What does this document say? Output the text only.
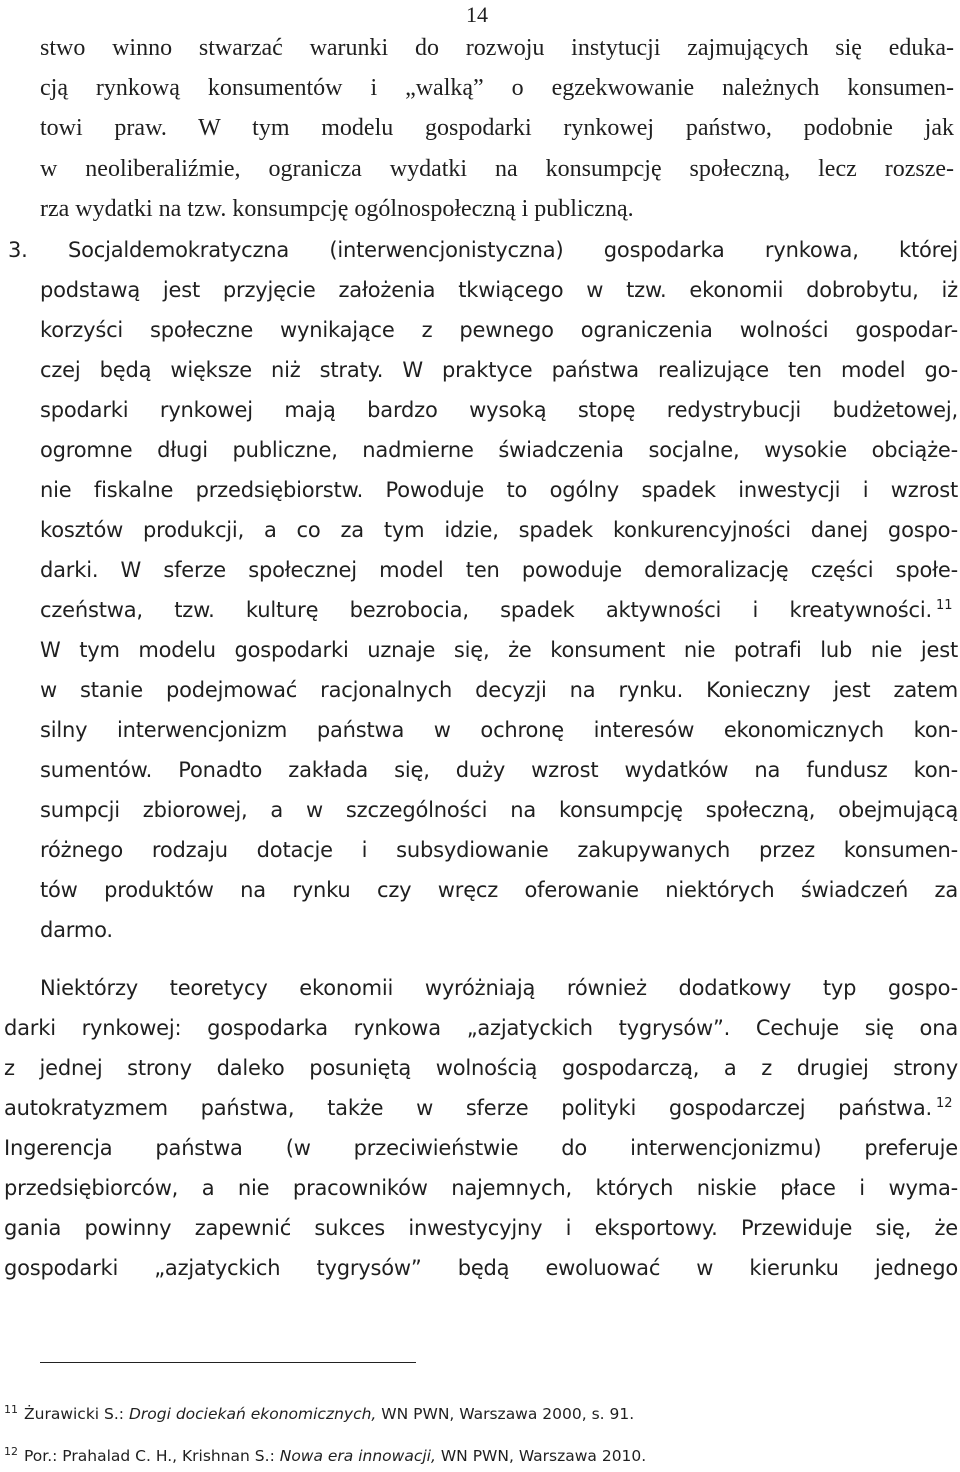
14
stwo winno stwarzać warunki do rozwoju instytucji zajmujących się eduka-
cją rynkową konsumentów i „walką” o egzekwowanie należnych konsumen-
towi praw. W tym modelu gospodarki rynkowej państwo, podobnie jak
w neoliberaliźmie, ogranicza wydatki na konsumpcję społeczną, lecz rozsze-
rza wydatki na tzw. konsumpcję ogólnospołeczną i publiczną.
3. Socjaldemokratyczna (interwencjonistyczna) gospodarka rynkowa, której
podstawą jest przyjęcie założenia tkwiącego w tzw. ekonomii dobrobytu, iż
korzyści społeczne wynikające z pewnego ograniczenia wolności gospodar-
czej będą większe niż straty. W praktyce państwa realizujące ten model go-
spodarki rynkowej mają bardzo wysoką stopę redystrybucji budżetowej,
ogromne długi publiczne, nadmierne świadczenia socjalne, wysokie obciąże-
nie fiskalne przedsiębiorstw. Powoduje to ogólny spadek inwestycji i wzrost
kosztów produkcji, a co za tym idzie, spadek konkurencyjności danej gospo-
darki. W sferze społecznej model ten powoduje demoralizację części społe-
czeństwa, tzw. kulturę bezrobocia, spadek aktywności i kreatywności. 11
W tym modelu gospodarki uznaje się, że konsument nie potrafi lub nie jest
w stanie podejmować racjonalnych decyzji na rynku. Konieczny jest zatem
silny interwencjonizm państwa w ochronę interesów ekonomicznych kon-
sumentów. Ponadto zakłada się, duży wzrost wydatków na fundusz kon-
sumpcji zbiorowej, a w szczególności na konsumpcję społeczną, obejmującą
różnego rodzaju dotacje i subsydiowanie zakupywanych przez konsumen-
tów produktów na rynku czy wręcz oferowanie niektórych świadczeń za
darmo.
Niektórzy teoretycy ekonomii wyróżniają również dodatkowy typ gospo-
darki rynkowej: gospodarka rynkowa „azjatyckich tygrysów”. Cechuje się ona
z jednej strony daleko posuniętą wolnością gospodarczą, a z drugiej strony
autokratyzmem państwa, także w sferze polityki gospodarczej państwa. 12
Ingerencja państwa (w przeciwieństwie do interwencjonizmu) preferuje
przedsiębiorców, a nie pracowników najemnych, których niskie płace i wyma-
gania powinny zapewnić sukces inwestycyjny i eksportowy. Przewiduje się, że
gospodarki „azjatyckich tygrysów” będą ewoluować w kierunku jednego
$^{11}$ Żurawicki S.: Drogi dociekań ekonomicznych, WN PWN, Warszawa 2000, s. 91.
$^{12}$ Por.: Prahalad C. H., Krishnan S.: Nowa era innowacji, WN PWN, Warszawa 2010.
